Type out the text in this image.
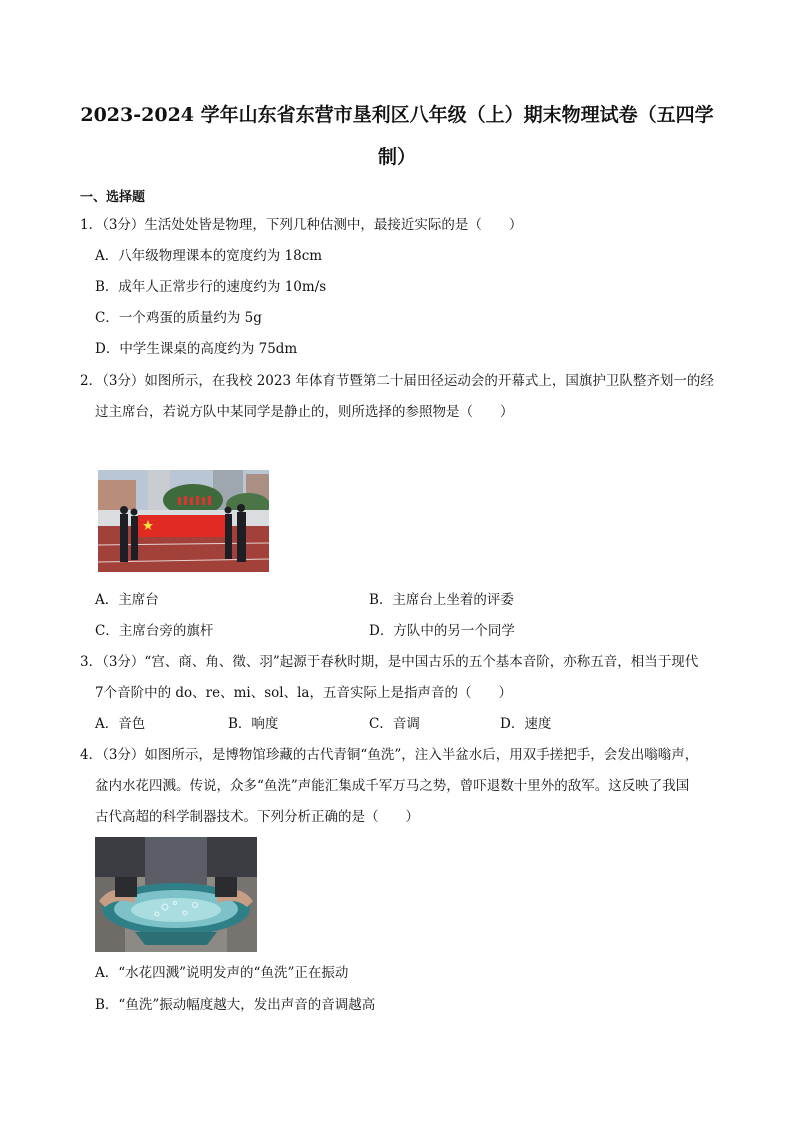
2023-2024 学年山东省东营市垦利区八年级（上）期末物理试卷（五四学
制）
一、选择题
1．（3分）生活处处皆是物理，下列几种估测中，最接近实际的是（　　）
A．八年级物理课本的宽度约为 18cm
B．成年人正常步行的速度约为 10m/s
C．一个鸡蛋的质量约为 5g
D．中学生课桌的高度约为 75dm
2．（3分）如图所示，在我校 2023 年体育节暨第二十届田径运动会的开幕式上，国旗护卫队整齐划一的经
过主席台，若说方队中某同学是静止的，则所选择的参照物是（　　）
A．主席台	B．主席台上坐着的评委
C．主席台旁的旗杆	D．方队中的另一个同学
3．（3分）“宫、商、角、徵、羽”起源于春秋时期，是中国古乐的五个基本音阶，亦称五音，相当于现代
7个音阶中的 do、re、mi、sol、la，五音实际上是指声音的（　　）
A．音色	B．响度	C．音调	D．速度
4．（3分）如图所示，是博物馆珍藏的古代青铜“鱼洗”，注入半盆水后，用双手搓把手，会发出嗡嗡声，
盆内水花四溅。传说，众多“鱼洗”声能汇集成千军万马之势，曾吓退数十里外的敌军。这反映了我国
古代高超的科学制器技术。下列分析正确的是（　　）
A．“水花四溅”说明发声的“鱼洗”正在振动
B．“鱼洗”振动幅度越大，发出声音的音调越高
